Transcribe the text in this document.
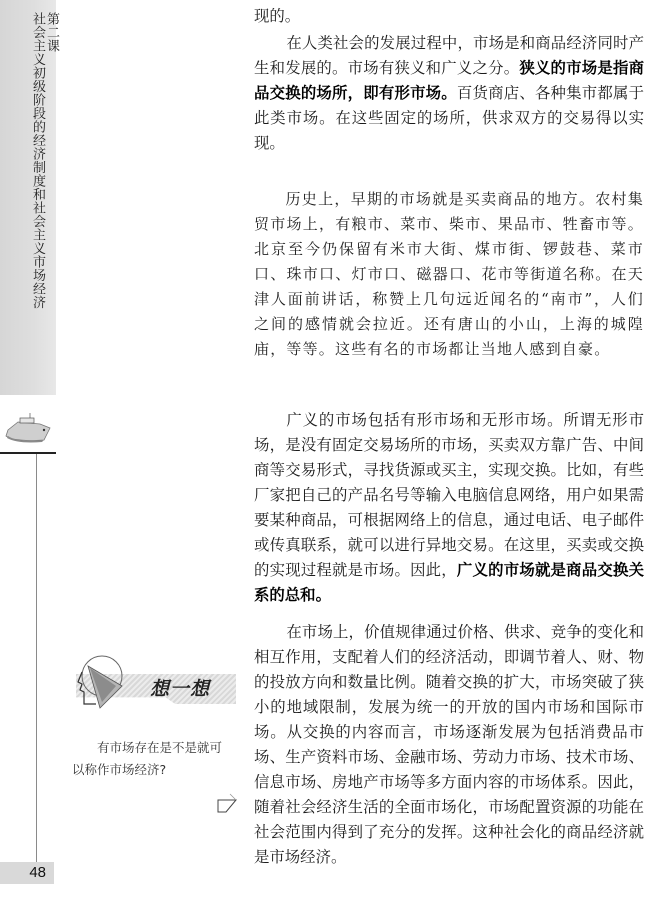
第二课
社会主义初级阶段的经济制度和社会主义市场经济
想一想
有市场存在是不是就可以称作市场经济?
48

现的。

在人类社会的发展过程中，市场是和商品经济同时产生和发展的。市场有狭义和广义之分。狭义的市场是指商品交换的场所，即有形市场。百货商店、各种集市都属于此类市场。在这些固定的场所，供求双方的交易得以实现。

历史上，早期的市场就是买卖商品的地方。农村集贸市场上，有粮市、菜市、柴市、果品市、牲畜市等。北京至今仍保留有米市大街、煤市街、锣鼓巷、菜市口、珠市口、灯市口、磁器口、花市等街道名称。在天津人面前讲话，称赞上几句远近闻名的“南市”，人们之间的感情就会拉近。还有唐山的小山，上海的城隍庙，等等。这些有名的市场都让当地人感到自豪。

广义的市场包括有形市场和无形市场。所谓无形市场，是没有固定交易场所的市场，买卖双方靠广告、中间商等交易形式，寻找货源或买主，实现交换。比如，有些厂家把自己的产品名号等输入电脑信息网络，用户如果需要某种商品，可根据网络上的信息，通过电话、电子邮件或传真联系，就可以进行异地交易。在这里，买卖或交换的实现过程就是市场。因此，广义的市场就是商品交换关系的总和。

在市场上，价值规律通过价格、供求、竞争的变化和相互作用，支配着人们的经济活动，即调节着人、财、物的投放方向和数量比例。随着交换的扩大，市场突破了狭小的地域限制，发展为统一的开放的国内市场和国际市场。从交换的内容而言，市场逐渐发展为包括消费品市场、生产资料市场、金融市场、劳动力市场、技术市场、信息市场、房地产市场等多方面内容的市场体系。因此，随着社会经济生活的全面市场化，市场配置资源的功能在社会范围内得到了充分的发挥。这种社会化的商品经济就是市场经济。
